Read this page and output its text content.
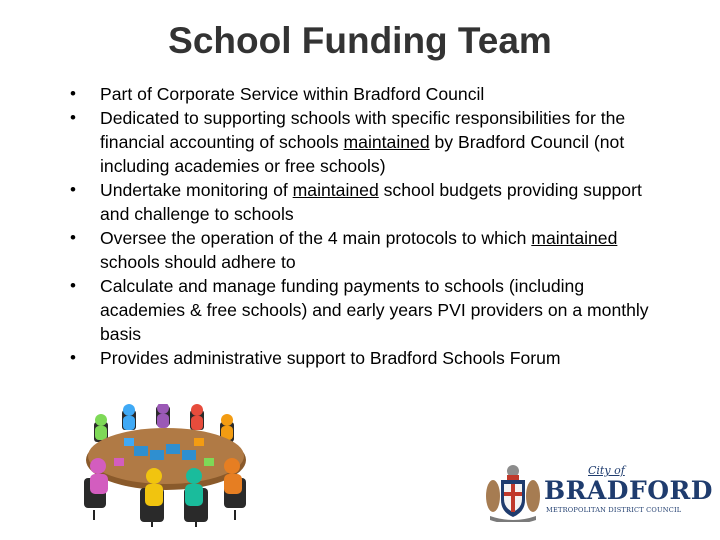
School Funding Team
• Part of Corporate Service within Bradford Council
• Dedicated to supporting schools with specific responsibilities for the financial accounting of schools maintained by Bradford Council (not including academies or free schools)
• Undertake monitoring of maintained school budgets providing support and challenge to schools
• Oversee the operation of the 4 main protocols to which maintained schools should adhere to
• Calculate and manage funding payments to schools (including academies & free schools) and early years PVI providers on a monthly basis
• Provides administrative support to Bradford Schools Forum
City of
BRADFORD
METROPOLITAN DISTRICT COUNCIL
